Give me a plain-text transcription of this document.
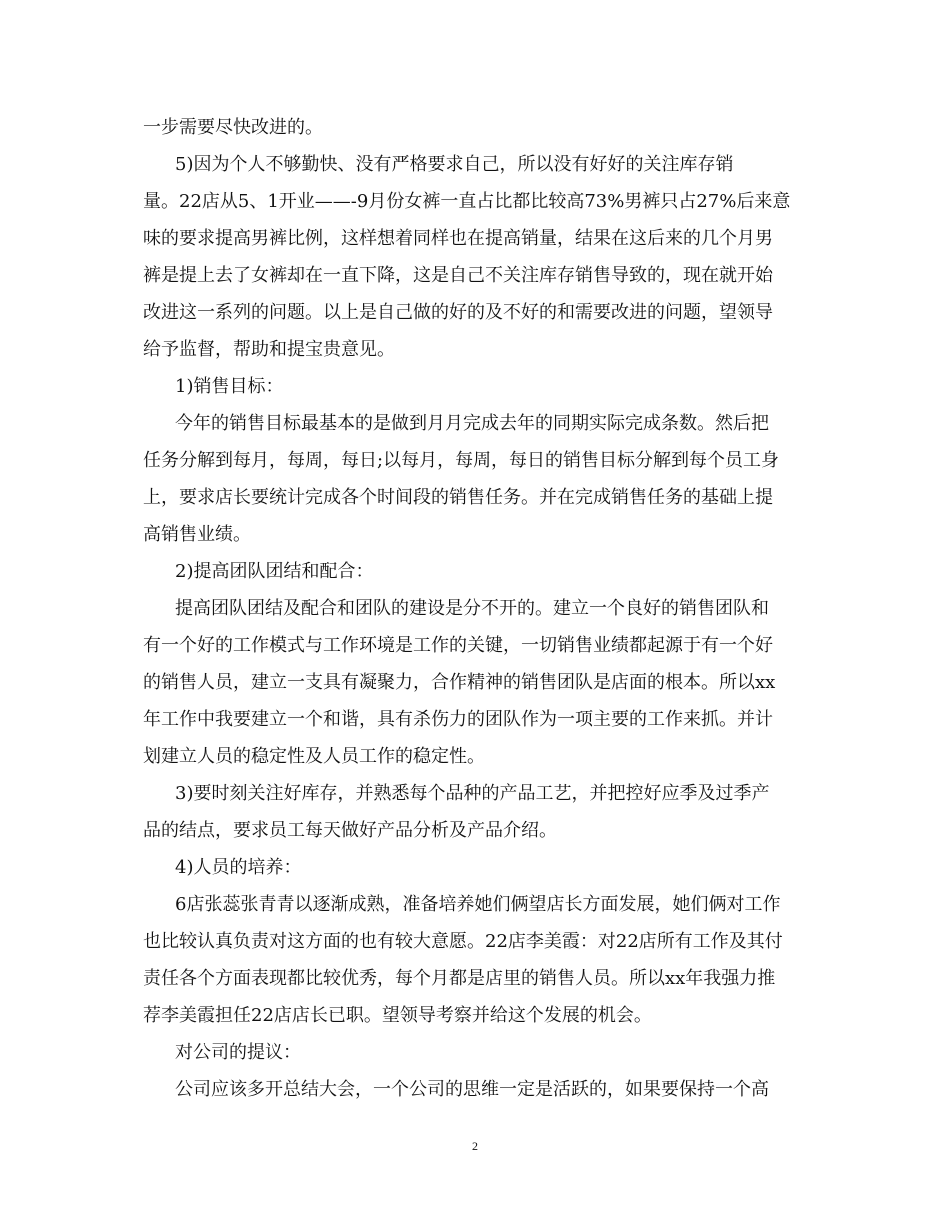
一步需要尽快改进的。
5)因为个人不够勤快、没有严格要求自己，所以没有好好的关注库存销
量。22店从5、1开业——-9月份女裤一直占比都比较高73%男裤只占27%后来意
味的要求提高男裤比例，这样想着同样也在提高销量，结果在这后来的几个月男
裤是提上去了女裤却在一直下降，这是自己不关注库存销售导致的，现在就开始
改进这一系列的问题。以上是自己做的好的及不好的和需要改进的问题，望领导
给予监督，帮助和提宝贵意见。
1)销售目标：
今年的销售目标最基本的是做到月月完成去年的同期实际完成条数。然后把
任务分解到每月，每周，每日;以每月，每周，每日的销售目标分解到每个员工身
上，要求店长要统计完成各个时间段的销售任务。并在完成销售任务的基础上提
高销售业绩。
2)提高团队团结和配合：
提高团队团结及配合和团队的建设是分不开的。建立一个良好的销售团队和
有一个好的工作模式与工作环境是工作的关键，一切销售业绩都起源于有一个好
的销售人员，建立一支具有凝聚力，合作精神的销售团队是店面的根本。所以xx
年工作中我要建立一个和谐，具有杀伤力的团队作为一项主要的工作来抓。并计
划建立人员的稳定性及人员工作的稳定性。
3)要时刻关注好库存，并熟悉每个品种的产品工艺，并把控好应季及过季产
品的结点，要求员工每天做好产品分析及产品介绍。
4)人员的培养：
6店张蕊张青青以逐渐成熟，准备培养她们俩望店长方面发展，她们俩对工作
也比较认真负责对这方面的也有较大意愿。22店李美霞：对22店所有工作及其付
责任各个方面表现都比较优秀，每个月都是店里的销售人员。所以xx年我强力推
荐李美霞担任22店店长已职。望领导考察并给这个发展的机会。
对公司的提议：
公司应该多开总结大会，一个公司的思维一定是活跃的，如果要保持一个高
2
